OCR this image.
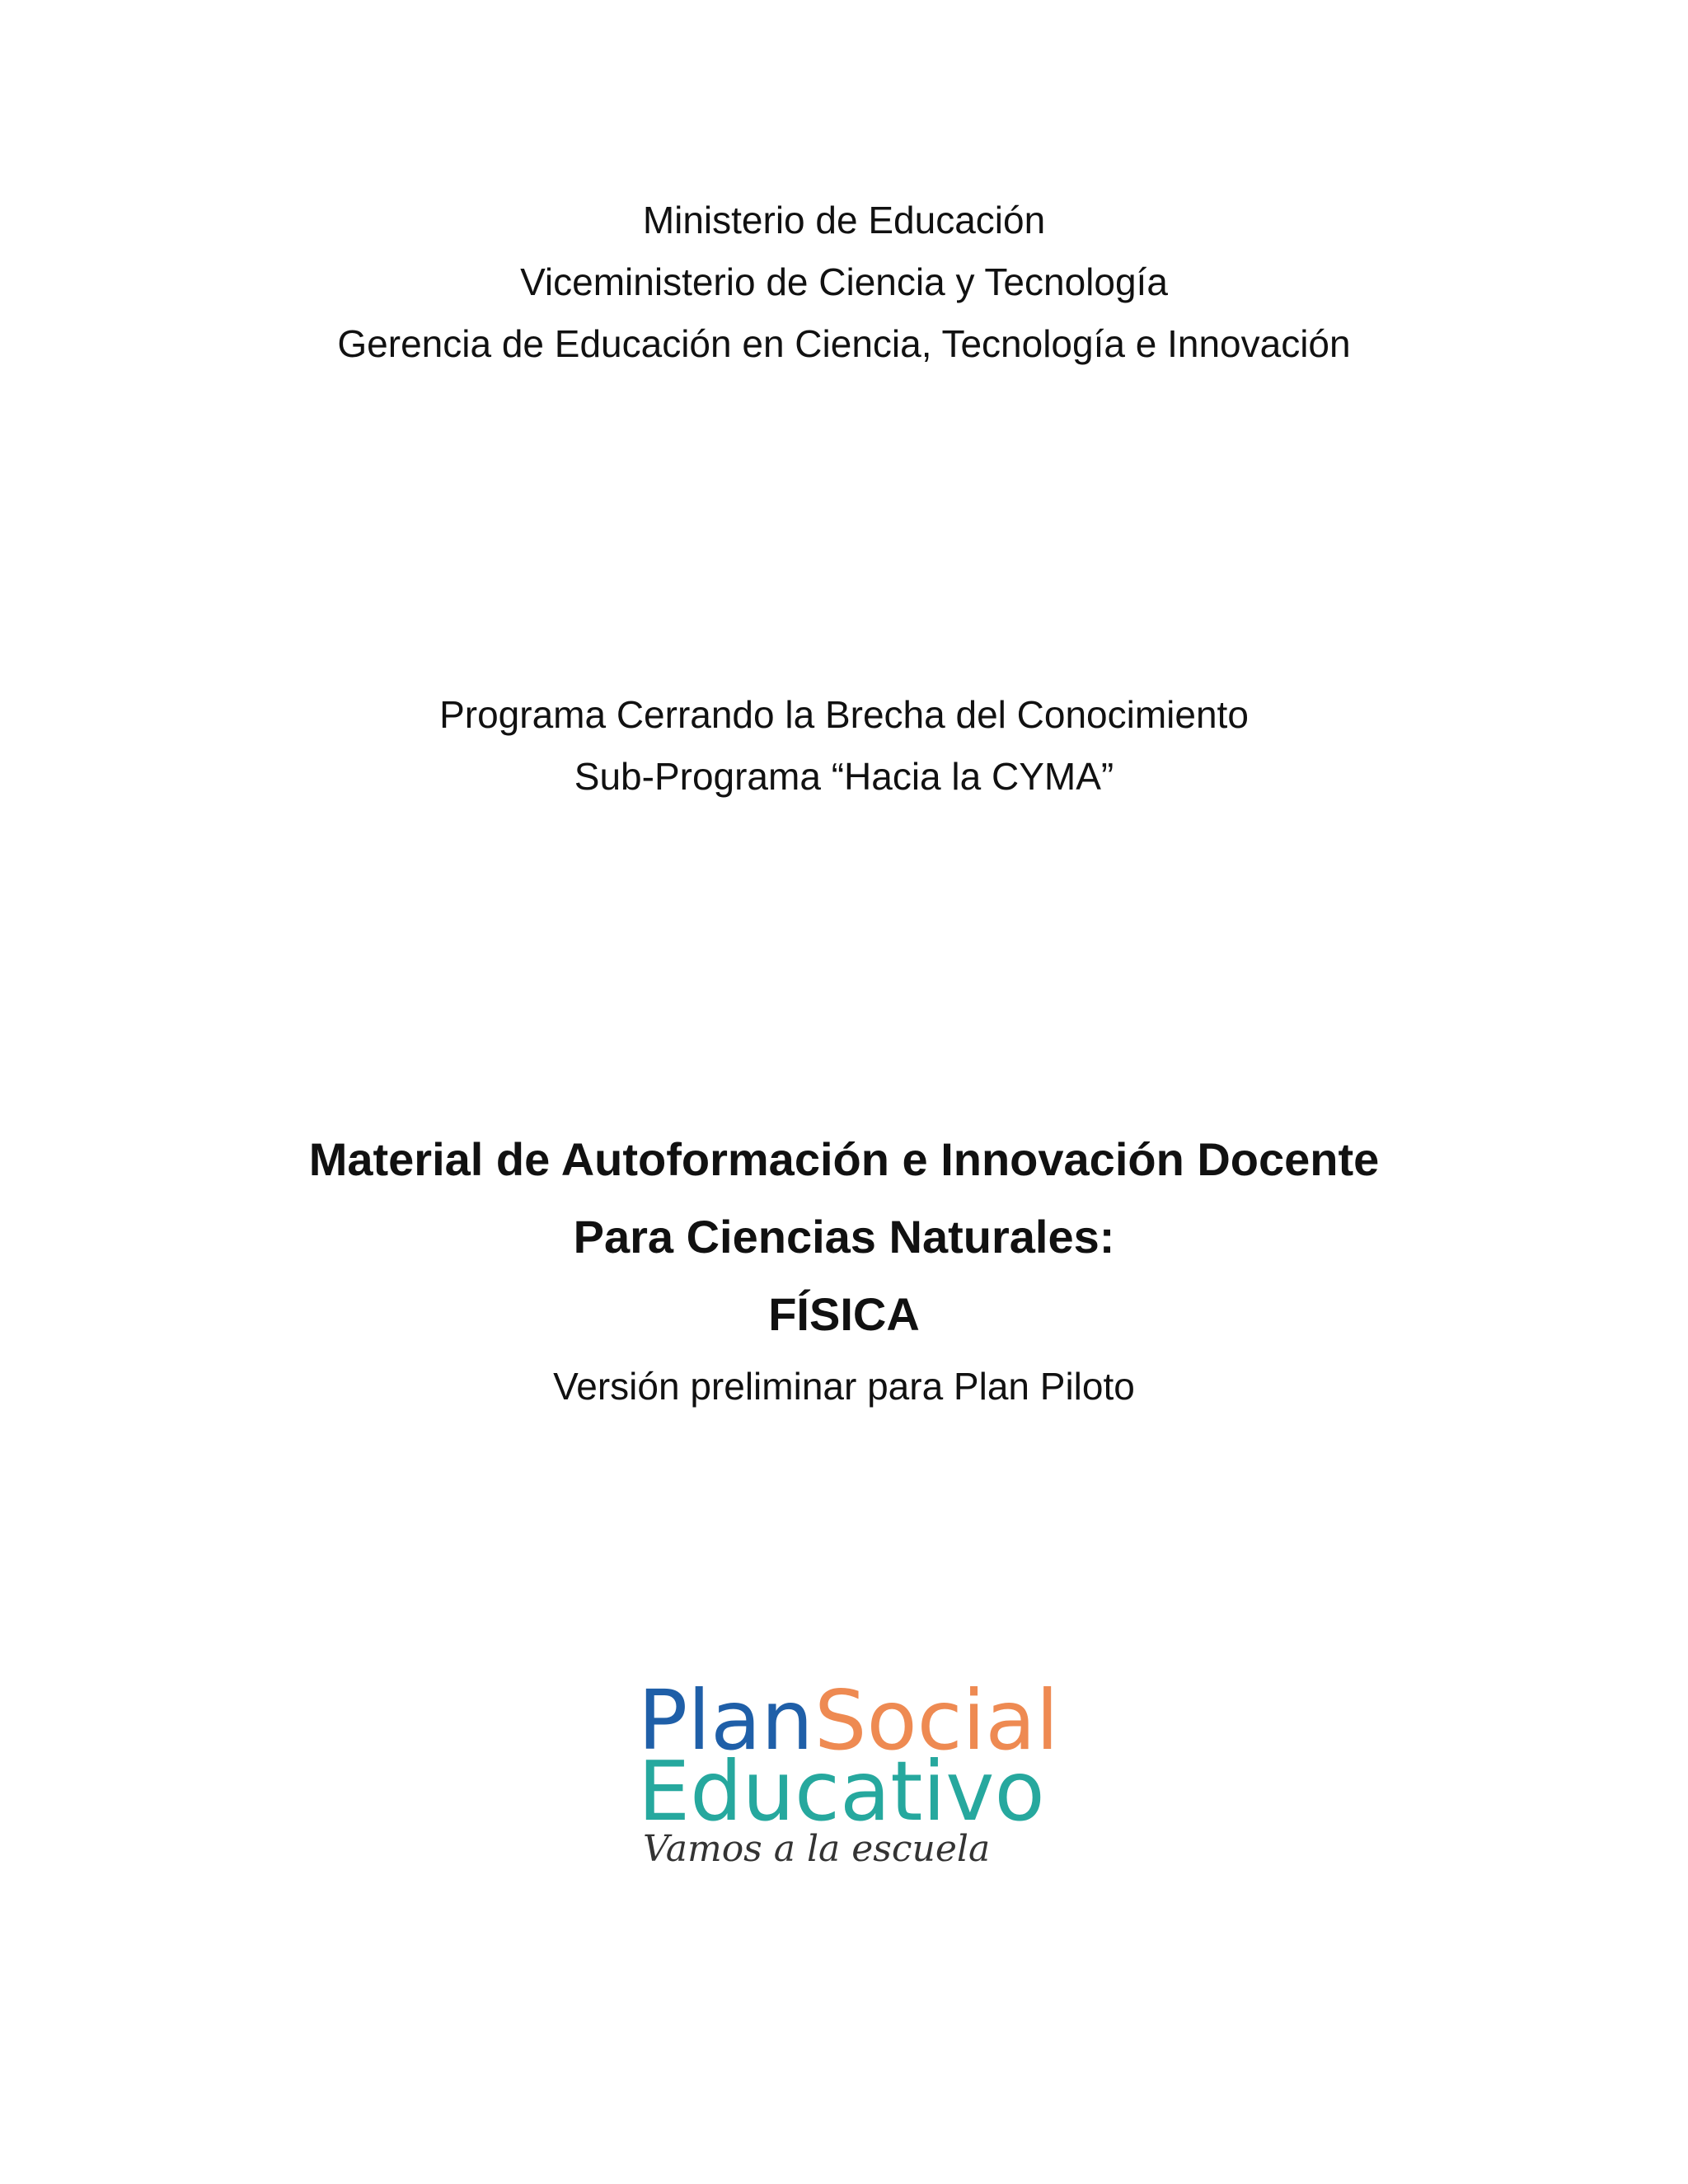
Ministerio de Educación
Viceministerio de Ciencia y Tecnología
Gerencia de Educación en Ciencia, Tecnología e Innovación
Programa Cerrando la Brecha del Conocimiento
Sub-Programa “Hacia la CYMA”
Material de Autoformación e Innovación Docente
Para Ciencias Naturales:
FÍSICA
Versión preliminar para Plan Piloto
Plan Social
Educativo
Vamos a la escuela
